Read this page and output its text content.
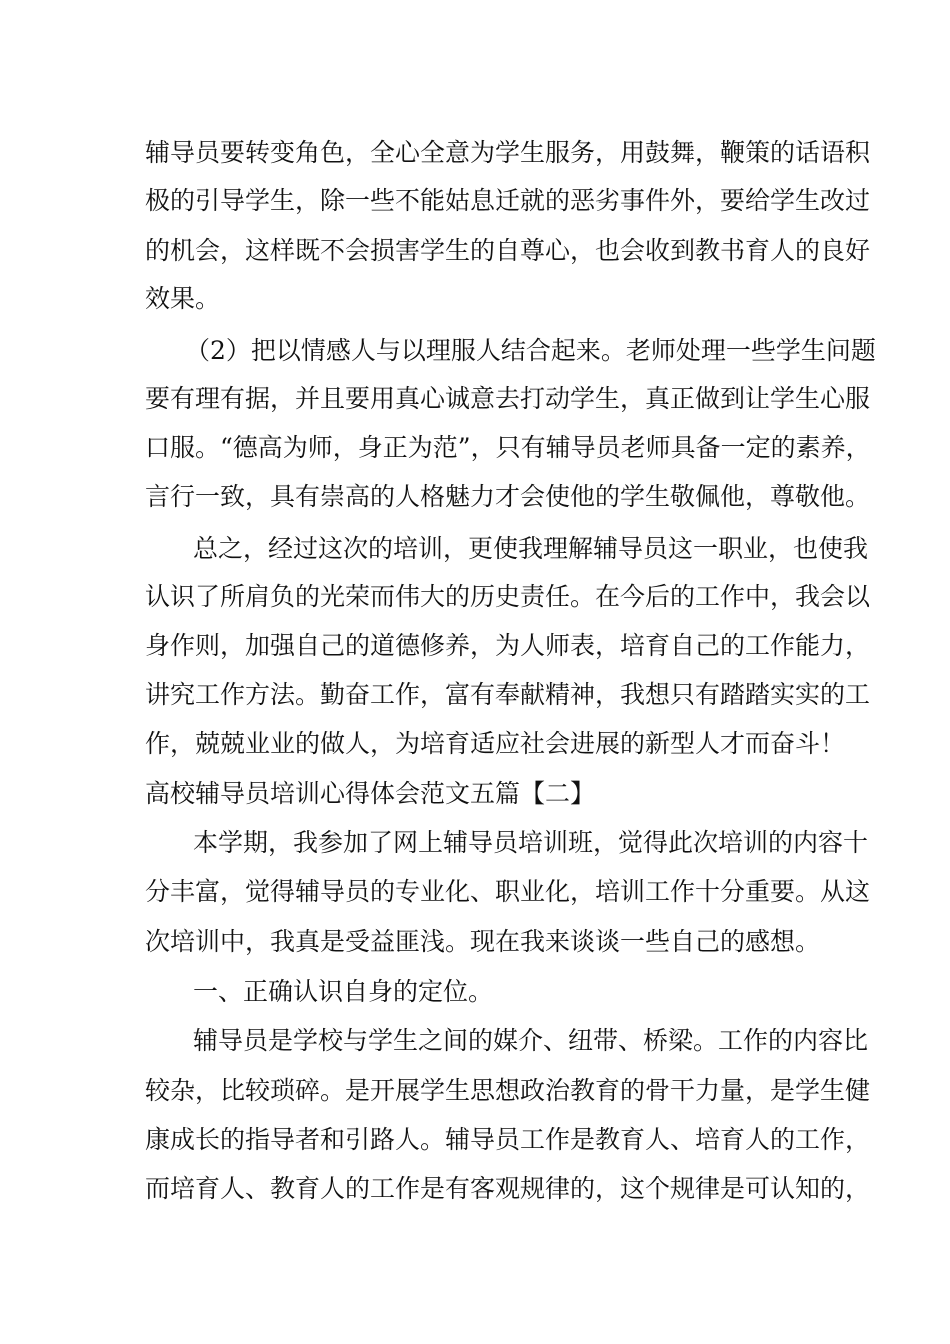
辅导员要转变角色，全心全意为学生服务，用鼓舞，鞭策的话语积

极的引导学生，除一些不能姑息迁就的恶劣事件外，要给学生改过

的机会，这样既不会损害学生的自尊心，也会收到教书育人的良好

效果。

（2）把以情感人与以理服人结合起来。老师处理一些学生问题

要有理有据，并且要用真心诚意去打动学生，真正做到让学生心服

口服。“德高为师，身正为范”，只有辅导员老师具备一定的素养，

言行一致，具有崇高的人格魅力才会使他的学生敬佩他，尊敬他。

总之，经过这次的培训，更使我理解辅导员这一职业，也使我

认识了所肩负的光荣而伟大的历史责任。在今后的工作中，我会以

身作则，加强自己的道德修养，为人师表，培育自己的工作能力，

讲究工作方法。勤奋工作，富有奉献精神，我想只有踏踏实实的工

作，兢兢业业的做人，为培育适应社会进展的新型人才而奋斗！

高校辅导员培训心得体会范文五篇【二】

本学期，我参加了网上辅导员培训班，觉得此次培训的内容十

分丰富，觉得辅导员的专业化、职业化，培训工作十分重要。从这

次培训中，我真是受益匪浅。现在我来谈谈一些自己的感想。

一、正确认识自身的定位。

辅导员是学校与学生之间的媒介、纽带、桥梁。工作的内容比

较杂，比较琐碎。是开展学生思想政治教育的骨干力量，是学生健

康成长的指导者和引路人。辅导员工作是教育人、培育人的工作，

而培育人、教育人的工作是有客观规律的，这个规律是可认知的，
